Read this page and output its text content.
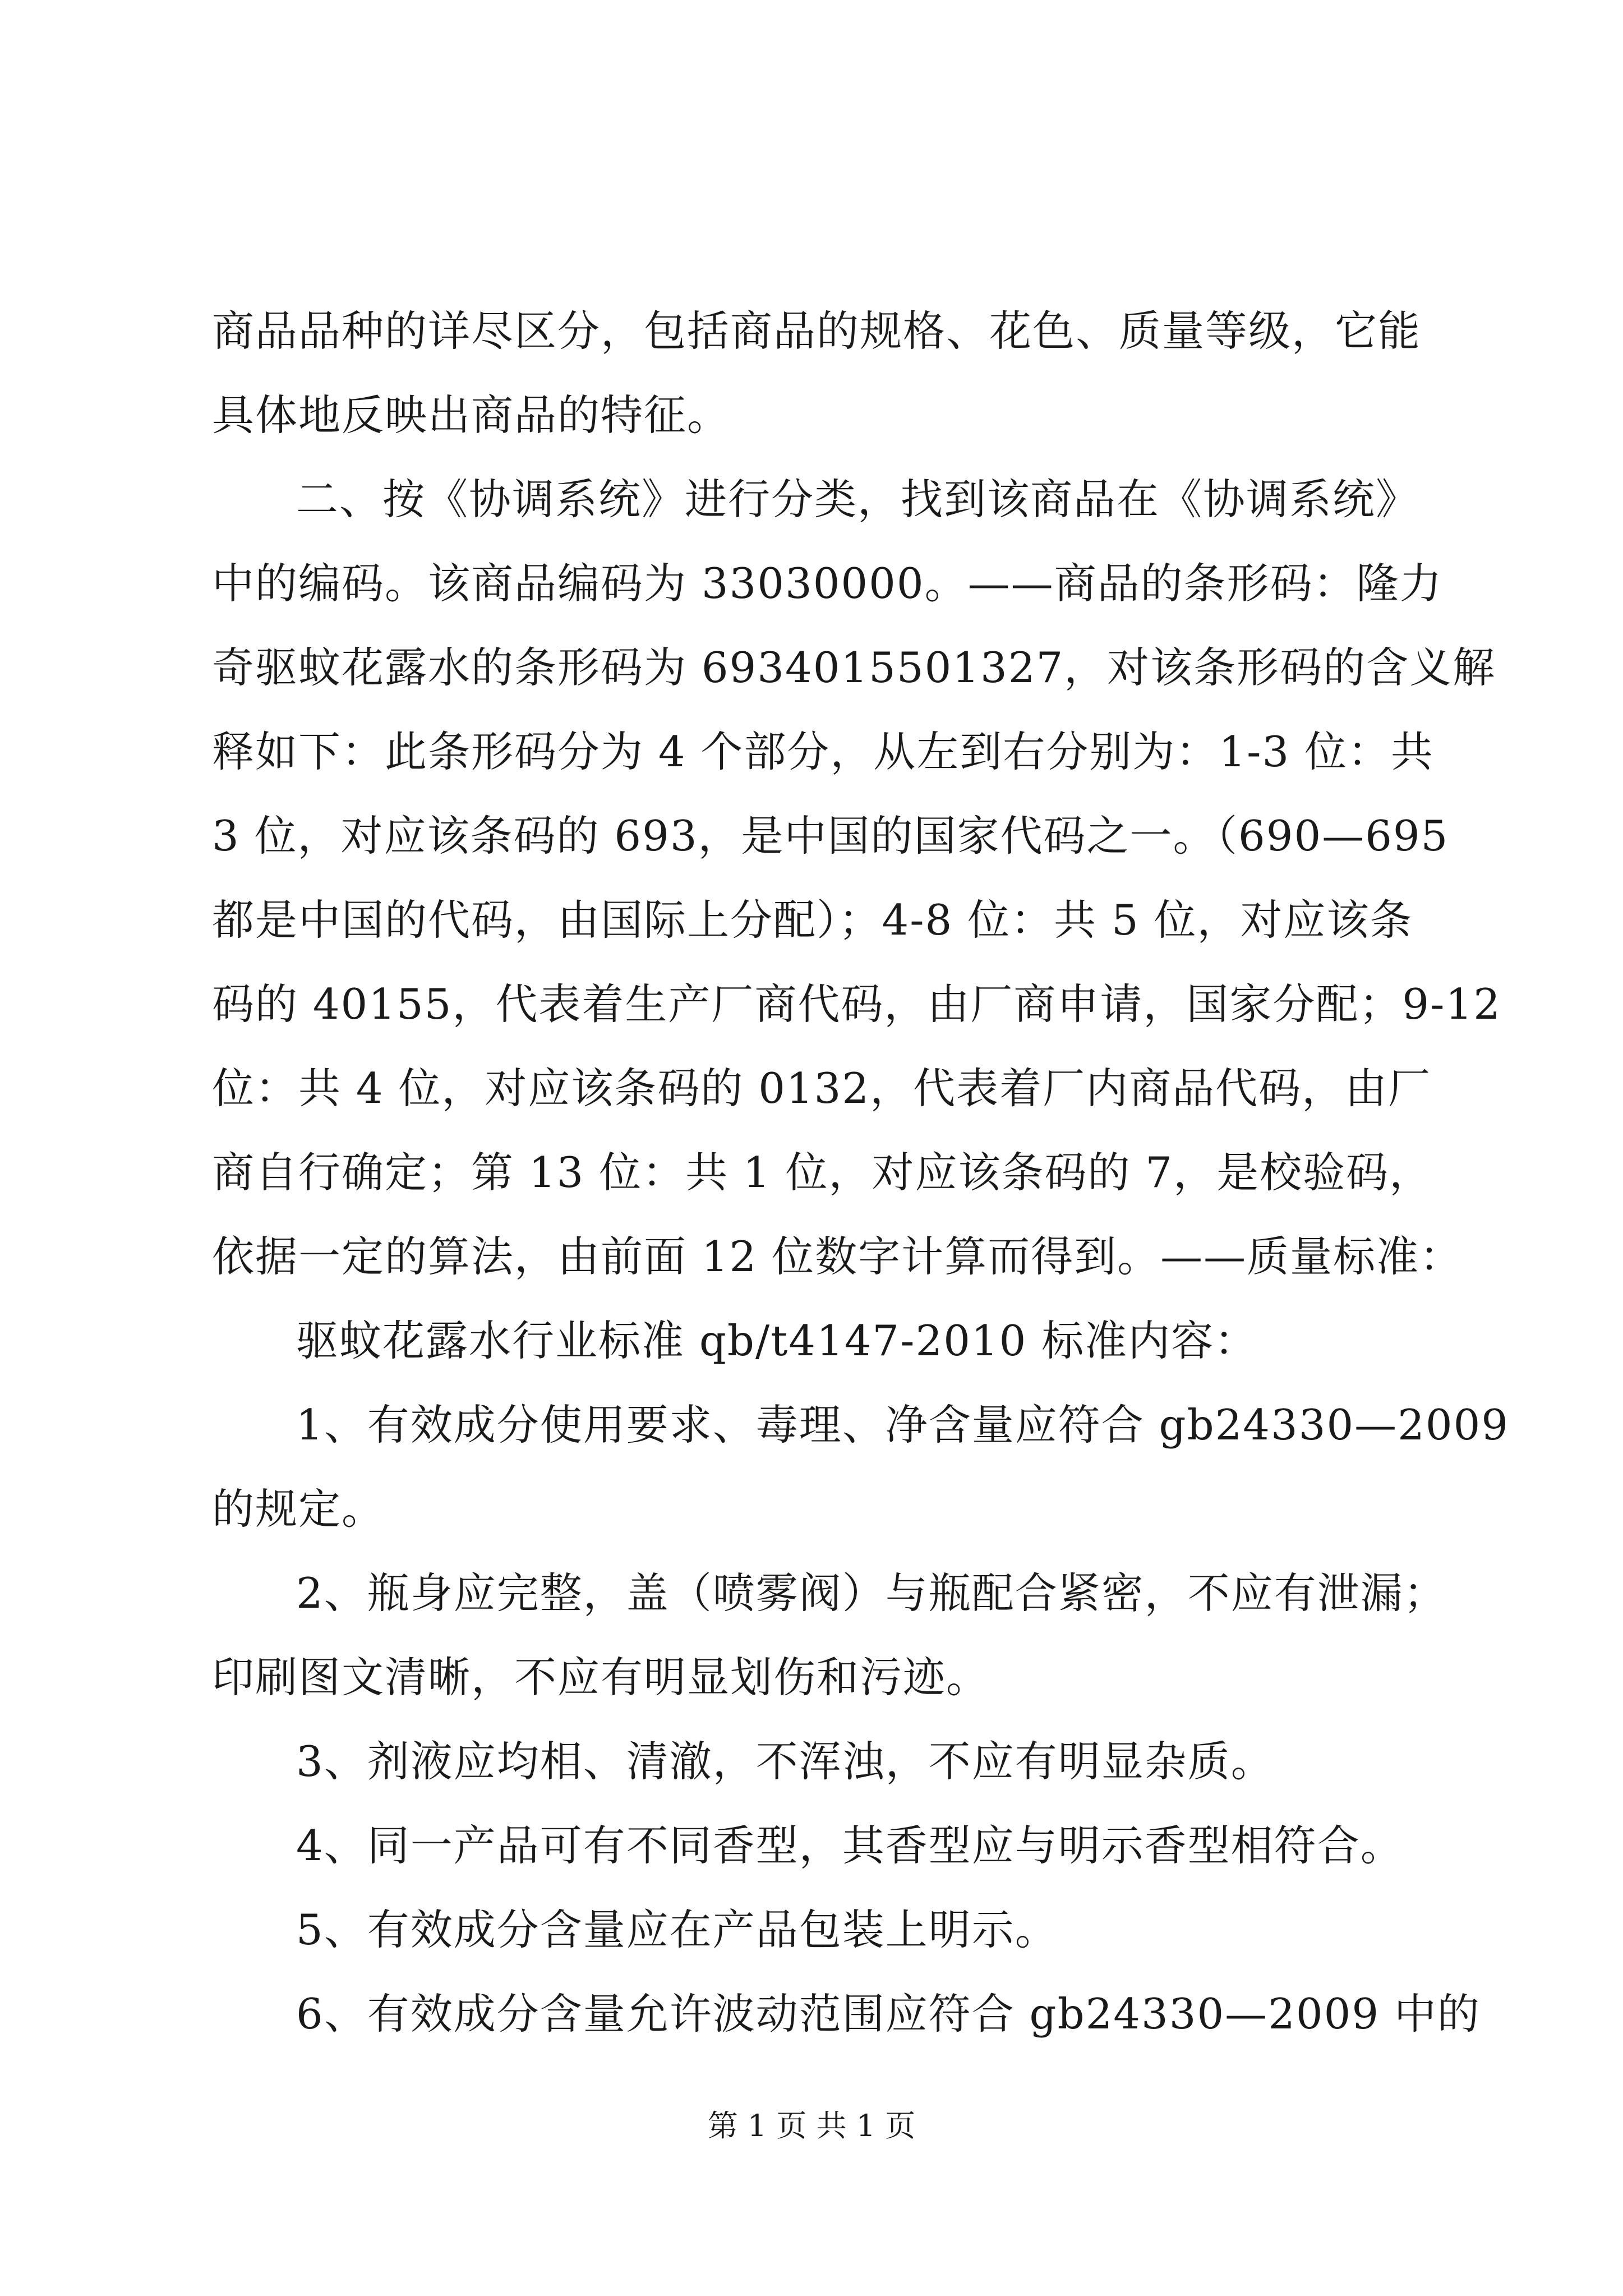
商品品种的详尽区分，包括商品的规格、花色、质量等级，它能
具体地反映出商品的特征。
二、按《协调系统》进行分类，找到该商品在《协调系统》
中的编码。该商品编码为 33030000。——商品的条形码：隆力
奇驱蚊花露水的条形码为 6934015501327，对该条形码的含义解
释如下：此条形码分为 4 个部分，从左到右分别为：1-3 位：共
3 位，对应该条码的 693，是中国的国家代码之一。（690—695
都是中国的代码，由国际上分配）；4-8 位：共 5 位，对应该条
码的 40155，代表着生产厂商代码，由厂商申请，国家分配；9-12
位：共 4 位，对应该条码的 0132，代表着厂内商品代码，由厂
商自行确定；第 13 位：共 1 位，对应该条码的 7，是校验码，
依据一定的算法，由前面 12 位数字计算而得到。——质量标准：
驱蚊花露水行业标准 qb/t4147-2010 标准内容：
1、有效成分使用要求、毒理、净含量应符合 gb24330—2009
的规定。
2、瓶身应完整，盖（喷雾阀）与瓶配合紧密，不应有泄漏；
印刷图文清晰，不应有明显划伤和污迹。
3、剂液应均相、清澈，不浑浊，不应有明显杂质。
4、同一产品可有不同香型，其香型应与明示香型相符合。
5、有效成分含量应在产品包装上明示。
6、有效成分含量允许波动范围应符合 gb24330—2009 中的
第 1 页 共 1 页
